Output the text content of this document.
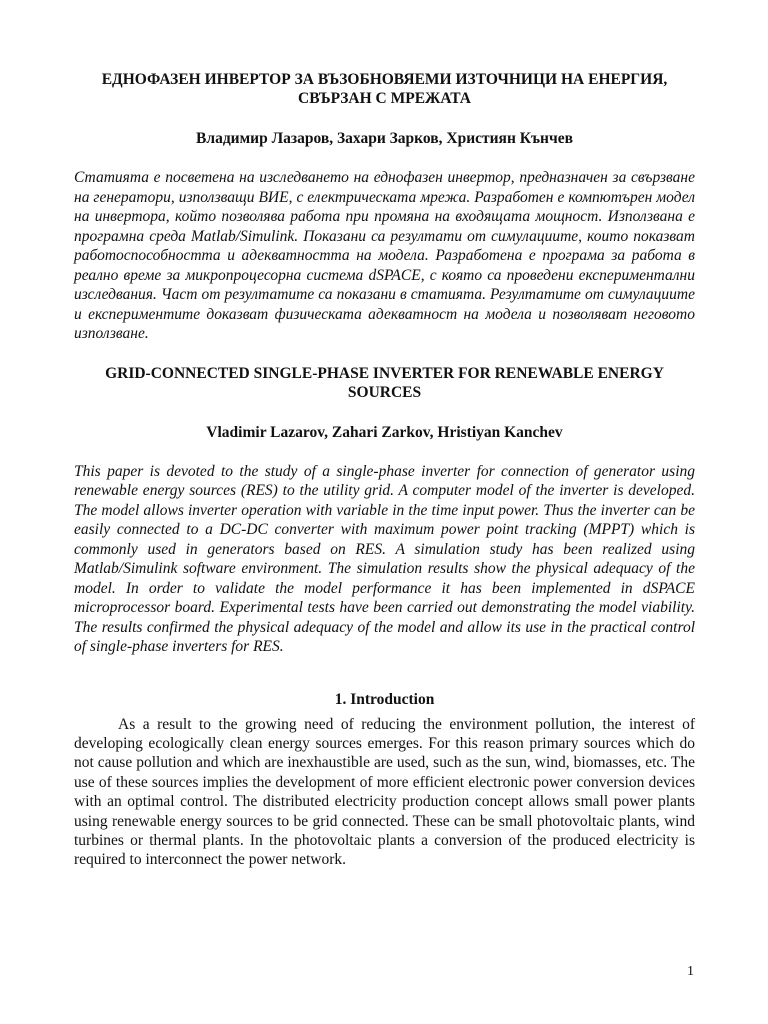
ЕДНОФАЗЕН ИНВЕРТОР ЗА ВЪЗОБНОВЯЕМИ ИЗТОЧНИЦИ НА ЕНЕРГИЯ, СВЪРЗАН С МРЕЖАТА

Владимир Лазаров, Захари Зарков, Християн Кънчев

Статията е посветена на изследването на еднофазен инвертор, предназначен за свързване на генератори, използващи ВИЕ, с електрическата мрежа. Разработен е компютърен модел на инвертора, който позволява работа при промяна на входящата мощност. Използвана е програмна среда Matlab/Simulink. Показани са резултати от симулациите, които показват работоспособността и адекватността на модела. Разработена е програма за работа в реално време за микропроцесорна система dSPACE, с която са проведени експериментални изследвания. Част от резултатите са показани в статията. Резултатите от симулациите и експериментите доказват физическата адекватност на модела и позволяват неговото използване.

GRID-CONNECTED SINGLE-PHASE INVERTER FOR RENEWABLE ENERGY SOURCES

Vladimir Lazarov, Zahari Zarkov, Hristiyan Kanchev

This paper is devoted to the study of a single-phase inverter for connection of generator using renewable energy sources (RES) to the utility grid. A computer model of the inverter is developed. The model allows inverter operation with variable in the time input power. Thus the inverter can be easily connected to a DC-DC converter with maximum power point tracking (MPPT) which is commonly used in generators based on RES. A simulation study has been realized using Matlab/Simulink software environment. The simulation results show the physical adequacy of the model. In order to validate the model performance it has been implemented in dSPACE microprocessor board. Experimental tests have been carried out demonstrating the model viability. The results confirmed the physical adequacy of the model and allow its use in the practical control of single-phase inverters for RES.

1. Introduction

As a result to the growing need of reducing the environment pollution, the interest of developing ecologically clean energy sources emerges. For this reason primary sources which do not cause pollution and which are inexhaustible are used, such as the sun, wind, biomasses, etc. The use of these sources implies the development of more efficient electronic power conversion devices with an optimal control. The distributed electricity production concept allows small power plants using renewable energy sources to be grid connected. These can be small photovoltaic plants, wind turbines or thermal plants. In the photovoltaic plants a conversion of the produced electricity is required to interconnect the power network.

1
